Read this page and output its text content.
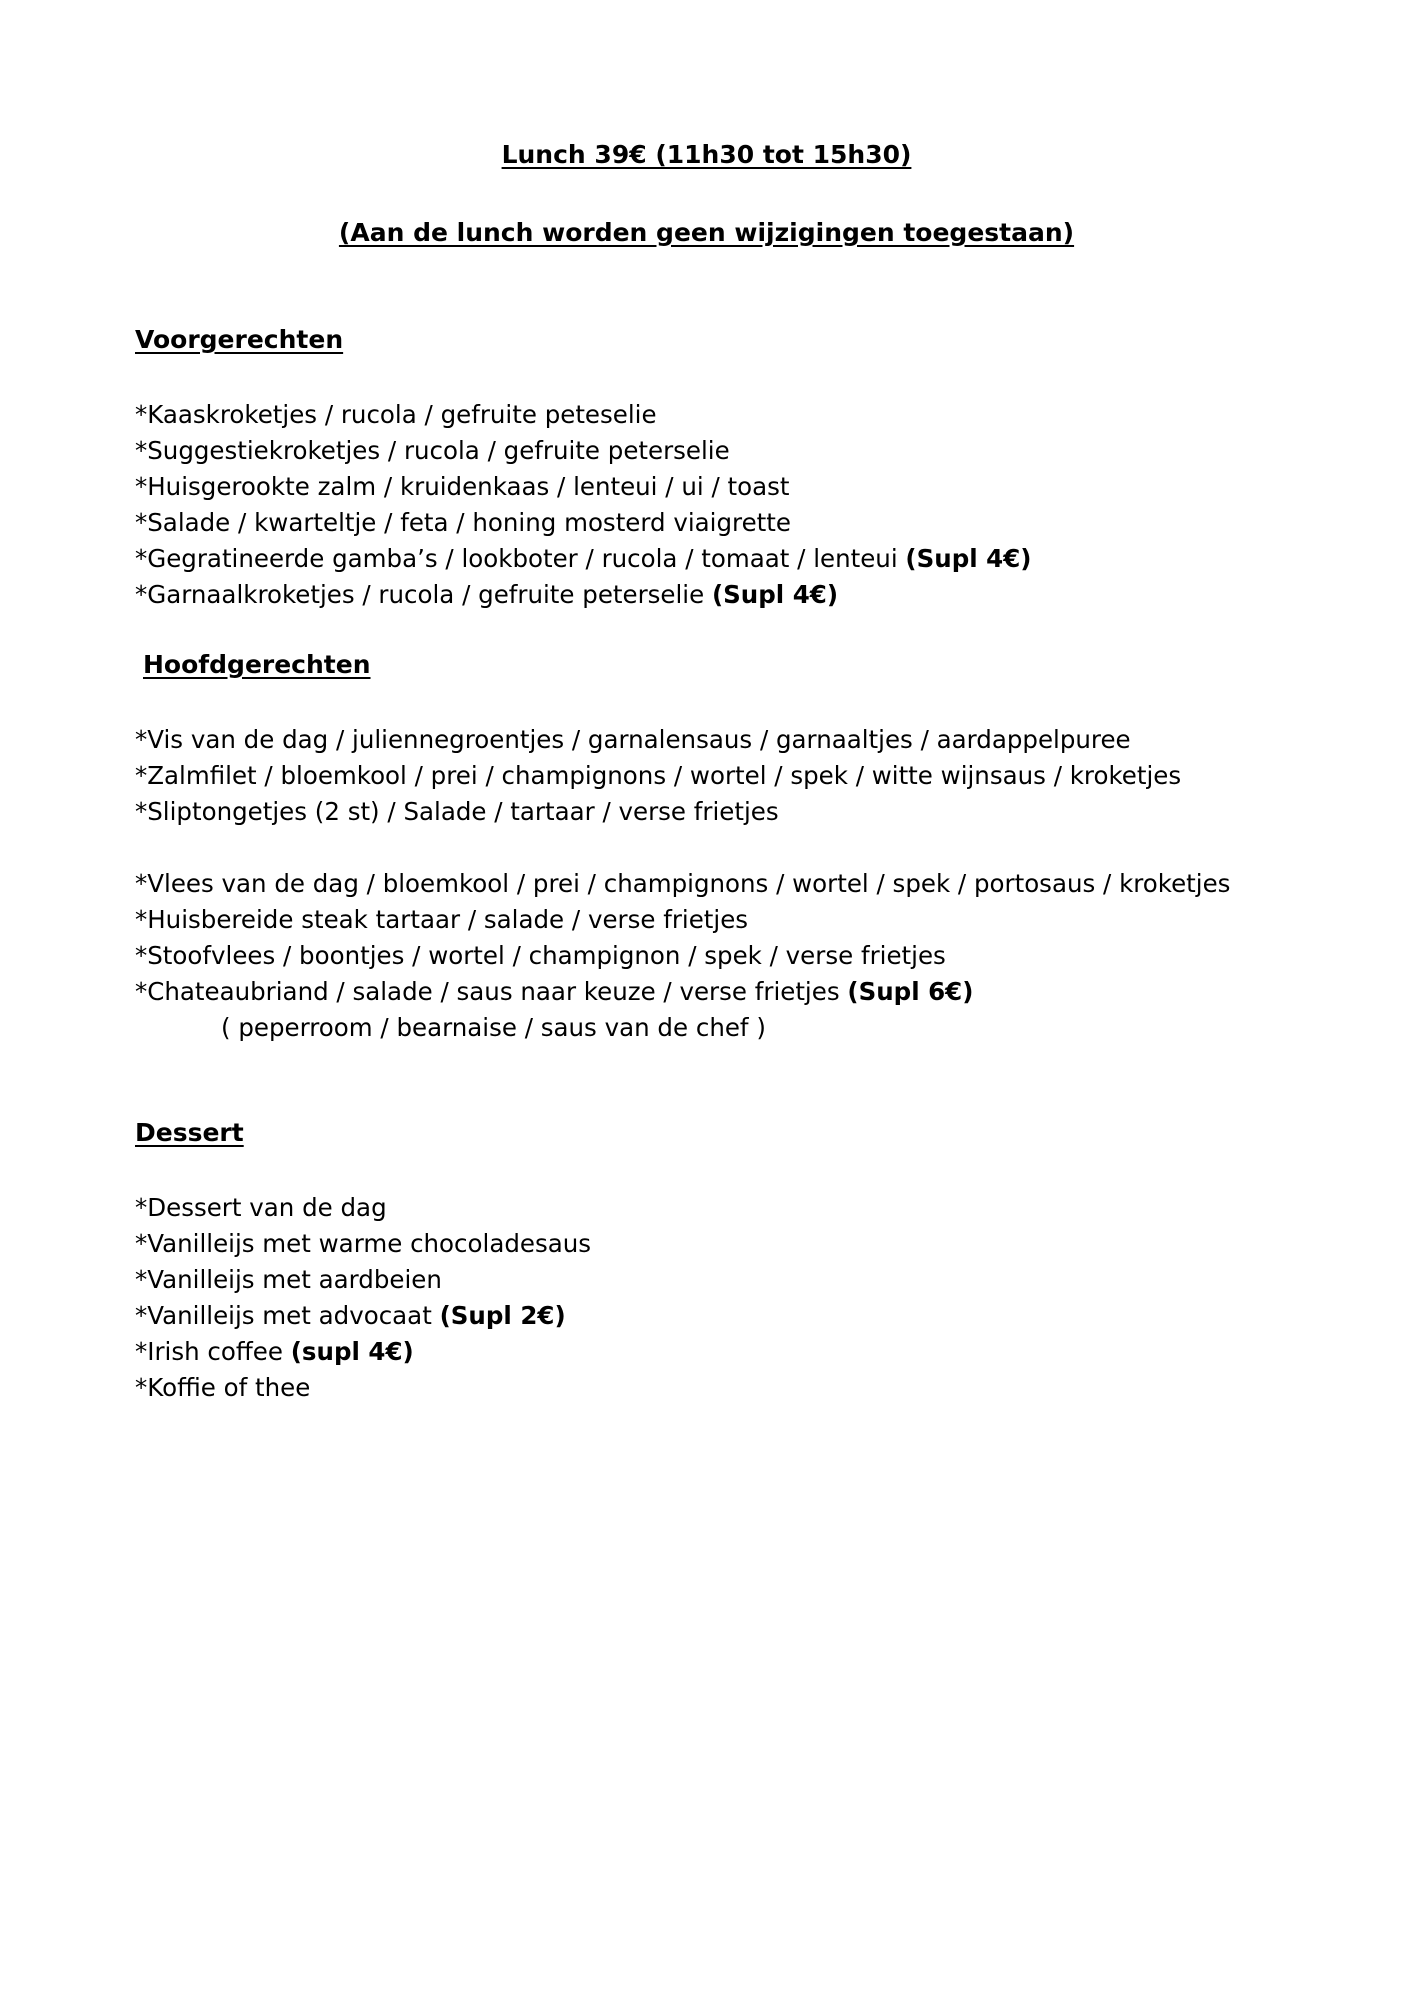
Lunch 39€ (11h30 tot 15h30)
(Aan de lunch worden geen wijzigingen toegestaan)
Voorgerechten
*Kaaskroketjes / rucola / gefruite peteselie
*Suggestiekroketjes / rucola / gefruite peterselie
*Huisgerookte zalm / kruidenkaas / lenteui / ui / toast
*Salade / kwarteltje / feta / honing mosterd viaigrette
*Gegratineerde gamba’s / lookboter / rucola / tomaat / lenteui (Supl 4€)
*Garnaalkroketjes / rucola / gefruite peterselie (Supl 4€)
Hoofdgerechten
*Vis van de dag / juliennegroentjes / garnalensaus / garnaaltjes / aardappelpuree
*Zalmfilet / bloemkool / prei / champignons / wortel / spek / witte wijnsaus / kroketjes
*Sliptongetjes (2 st) / Salade / tartaar / verse frietjes
*Vlees van de dag / bloemkool / prei / champignons / wortel / spek / portosaus / kroketjes
*Huisbereide steak tartaar / salade / verse frietjes
*Stoofvlees / boontjes / wortel / champignon / spek / verse frietjes
*Chateaubriand / salade / saus naar keuze / verse frietjes (Supl 6€)
( peperroom / bearnaise / saus van de chef )
Dessert
*Dessert van de dag
*Vanilleijs met warme chocoladesaus
*Vanilleijs met aardbeien
*Vanilleijs met advocaat (Supl 2€)
*Irish coffee (supl 4€)
*Koffie of thee
